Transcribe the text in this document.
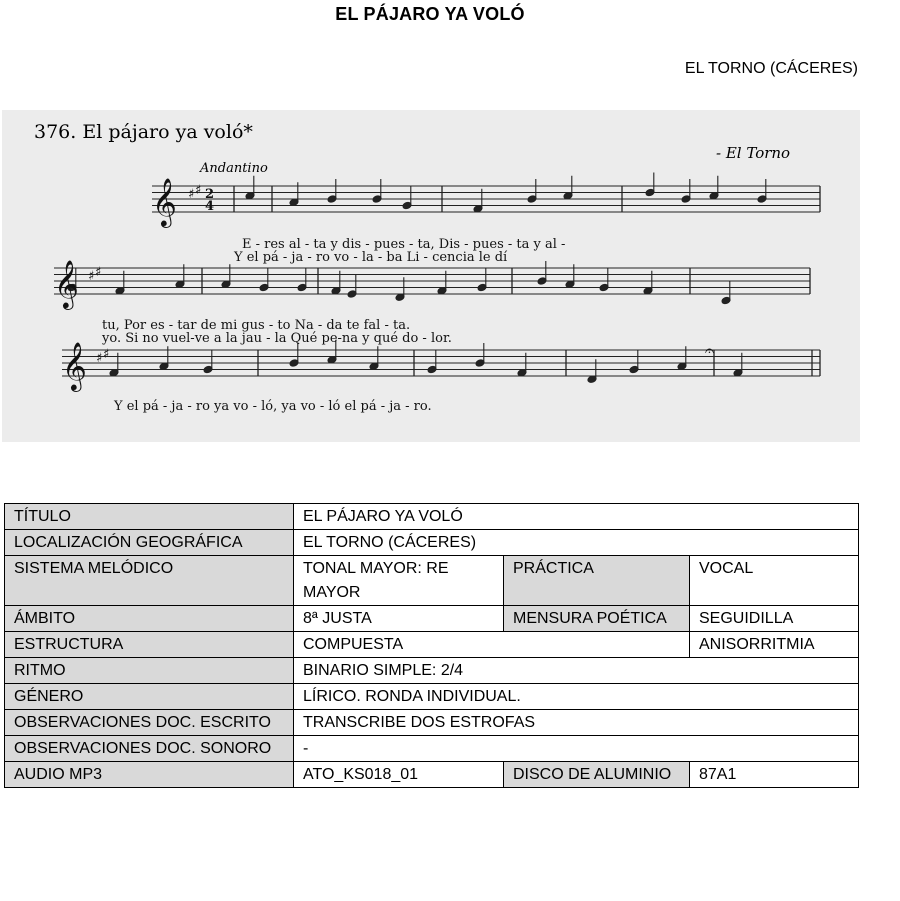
EL PÁJARO YA VOLÓ
EL TORNO (CÁCERES)
376. El pájaro ya voló*
- El Torno
Andantino
𝄞
𝄞
𝄞
♯ ♯
♯ ♯
♯ ♯
2
4
𝄐
E - res al - ta y dis - pues - ta, Dis - pues - ta y al -
Y el pá - ja - ro vo - la - ba Li - cencia le dí
tu, Por es - tar de mi gus - to Na - da te fal - ta.
yo. Si no vuel-ve a la jau - la Qué pe-na y qué do - lor.
Y el pá - ja - ro ya vo - ló, ya vo - ló el pá - ja - ro.
TÍTULO	EL PÁJARO YA VOLÓ		
LOCALIZACIÓN GEOGRÁFICA	EL TORNO (CÁCERES)		
SISTEMA MELÓDICO	TONAL MAYOR: RE MAYOR	PRÁCTICA	VOCAL
ÁMBITO	8ª JUSTA	MENSURA POÉTICA	SEGUIDILLA
ESTRUCTURA	COMPUESTA		ANISORRITMIA
RITMO	BINARIO SIMPLE: 2/4		
GÉNERO	LÍRICO. RONDA INDIVIDUAL.		
OBSERVACIONES DOC. ESCRITO	TRANSCRIBE DOS ESTROFAS		
OBSERVACIONES DOC. SONORO	-		
AUDIO MP3	ATO_KS018_01	DISCO DE ALUMINIO	87A1
